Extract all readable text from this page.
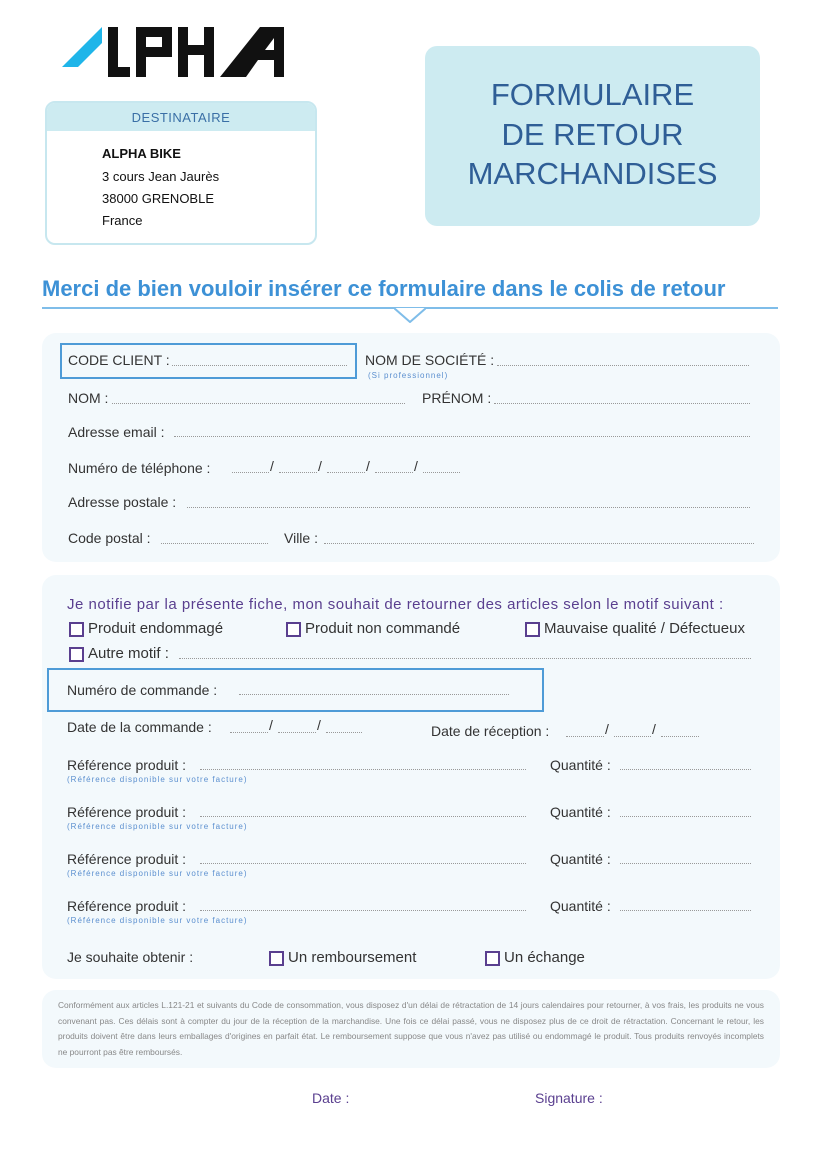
DESTINATAIRE
ALPHA BIKE
3 cours Jean Jaurès
38000 GRENOBLE
France
FORMULAIRE
DE RETOUR
MARCHANDISES
Merci de bien vouloir insérer ce formulaire dans le colis de retour
CODE CLIENT :	NOM DE SOCIÉTÉ :
(Si professionnel)
NOM :	PRÉNOM :
Adresse email :
Numéro de téléphone :	/	/	/	/
Adresse postale :
Code postal :	Ville :
Je notifie par la présente fiche, mon souhait de retourner des articles selon le motif suivant :
Produit endommagé	Produit non commandé	Mauvaise qualité / Défectueux
Autre motif :
Numéro de commande :
Date de la commande :	/	/	Date de réception :	/	/
Référence produit :
(Référence disponible sur votre facture)
Quantité :
Référence produit :
(Référence disponible sur votre facture)
Quantité :
Référence produit :
(Référence disponible sur votre facture)
Quantité :
Référence produit :
(Référence disponible sur votre facture)
Quantité :
Je souhaite obtenir :	Un remboursement	Un échange
Conformément aux articles L.121-21 et suivants du Code de consommation, vous disposez d'un délai de rétractation de 14 jours calendaires pour retourner, à vos frais, les produits ne vous convenant pas. Ces délais sont à compter du jour de la réception de la marchandise. Une fois ce délai passé, vous ne disposez plus de ce droit de rétractation. Concernant le retour, les produits doivent être dans leurs emballages d'origines en parfait état. Le remboursement suppose que vous n'avez pas utilisé ou endommagé le produit. Tous produits renvoyés incomplets ne pourront pas être remboursés.
Date :	Signature :
